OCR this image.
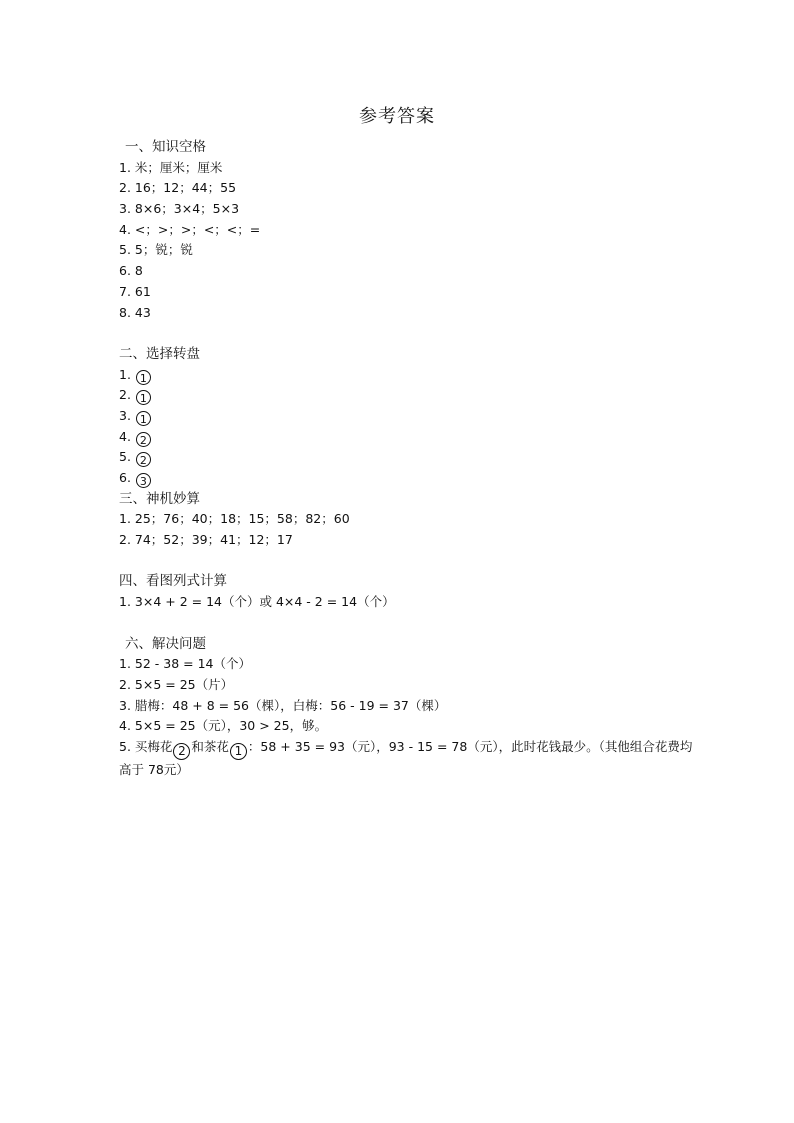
参考答案
一、知识空格
1. 米；厘米；厘米
2. 16；12；44；55
3. 8×6；3×4；5×3
4. <；>；>；<；<；=
5. 5；锐；锐
6. 8
7. 61
8. 43
二、选择转盘
1. 1
2. 1
3. 1
4. 2
5. 2
6. 3
三、神机妙算
1. 25；76；40；18；15；58；82；60
2. 74；52；39；41；12；17
四、看图列式计算
1. 3×4 + 2 = 14（个）或 4×4 - 2 = 14（个）
六、解决问题
1. 52 - 38 = 14（个）
2. 5×5 = 25（片）
3. 腊梅：48 + 8 = 56（棵），白梅：56 - 19 = 37（棵）
4. 5×5 = 25（元），30 > 25，够。
5. 买梅花 2 和茶花 1 ：58 + 35 = 93（元），93 - 15 = 78（元），此时花钱最少。（其他组合花费均高于 78元）
